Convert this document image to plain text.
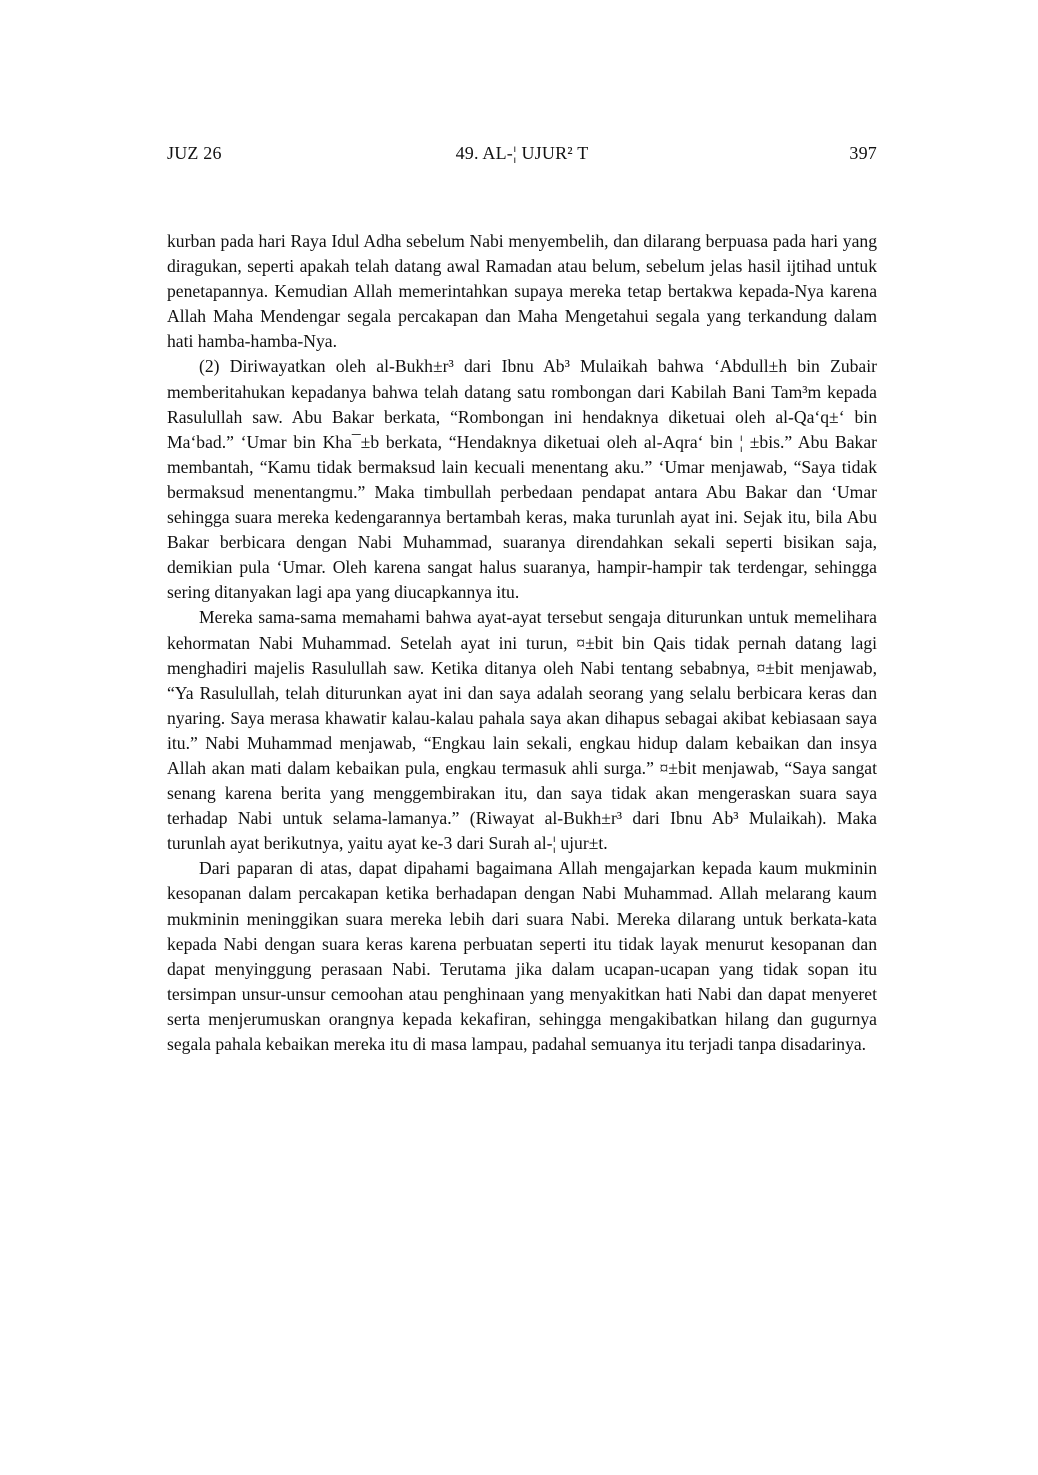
JUZ 26	49. AL-¦ UJUR² T	397

kurban pada hari Raya Idul Adha sebelum Nabi menyembelih, dan dilarang berpuasa pada hari yang diragukan, seperti apakah telah datang awal Ramadan atau belum, sebelum jelas hasil ijtihad untuk penetapannya. Kemudian Allah memerintahkan supaya mereka tetap bertakwa kepada-Nya karena Allah Maha Mendengar segala percakapan dan Maha Mengetahui segala yang terkandung dalam hati hamba-hamba-Nya.

(2) Diriwayatkan oleh al-Bukh±r³ dari Ibnu Ab³ Mulaikah bahwa ‘Abdull±h bin Zubair memberitahukan kepadanya bahwa telah datang satu rombongan dari Kabilah Bani Tam³m kepada Rasulullah saw. Abu Bakar berkata, “Rombongan ini hendaknya diketuai oleh al-Qa‘q±‘ bin Ma‘bad.” ‘Umar bin Kha¯±b berkata, “Hendaknya diketuai oleh al-Aqra‘ bin ¦ ±bis.” Abu Bakar membantah, “Kamu tidak bermaksud lain kecuali menentang aku.” ‘Umar menjawab, “Saya tidak bermaksud menentangmu.” Maka timbullah perbedaan pendapat antara Abu Bakar dan ‘Umar sehingga suara mereka kedengarannya bertambah keras, maka turunlah ayat ini. Sejak itu, bila Abu Bakar berbicara dengan Nabi Muhammad, suaranya direndahkan sekali seperti bisikan saja, demikian pula ‘Umar. Oleh karena sangat halus suaranya, hampir-hampir tak terdengar, sehingga sering ditanyakan lagi apa yang diucapkannya itu.

Mereka sama-sama memahami bahwa ayat-ayat tersebut sengaja diturunkan untuk memelihara kehormatan Nabi Muhammad. Setelah ayat ini turun, ¤±bit bin Qais tidak pernah datang lagi menghadiri majelis Rasulullah saw. Ketika ditanya oleh Nabi tentang sebabnya, ¤±bit menjawab, “Ya Rasulullah, telah diturunkan ayat ini dan saya adalah seorang yang selalu berbicara keras dan nyaring. Saya merasa khawatir kalau-kalau pahala saya akan dihapus sebagai akibat kebiasaan saya itu.” Nabi Muhammad menjawab, “Engkau lain sekali, engkau hidup dalam kebaikan dan insya Allah akan mati dalam kebaikan pula, engkau termasuk ahli surga.” ¤±bit menjawab, “Saya sangat senang karena berita yang menggembirakan itu, dan saya tidak akan mengeraskan suara saya terhadap Nabi untuk selama-lamanya.” (Riwayat al-Bukh±r³ dari Ibnu Ab³ Mulaikah). Maka turunlah ayat berikutnya, yaitu ayat ke-3 dari Surah al-¦ ujur±t.

Dari paparan di atas, dapat dipahami bagaimana Allah mengajarkan kepada kaum mukminin kesopanan dalam percakapan ketika berhadapan dengan Nabi Muhammad. Allah melarang kaum mukminin meninggikan suara mereka lebih dari suara Nabi. Mereka dilarang untuk berkata-kata kepada Nabi dengan suara keras karena perbuatan seperti itu tidak layak menurut kesopanan dan dapat menyinggung perasaan Nabi. Terutama jika dalam ucapan-ucapan yang tidak sopan itu tersimpan unsur-unsur cemoohan atau penghinaan yang menyakitkan hati Nabi dan dapat menyeret serta menjerumuskan orangnya kepada kekafiran, sehingga mengakibatkan hilang dan gugurnya segala pahala kebaikan mereka itu di masa lampau, padahal semuanya itu terjadi tanpa disadarinya.
